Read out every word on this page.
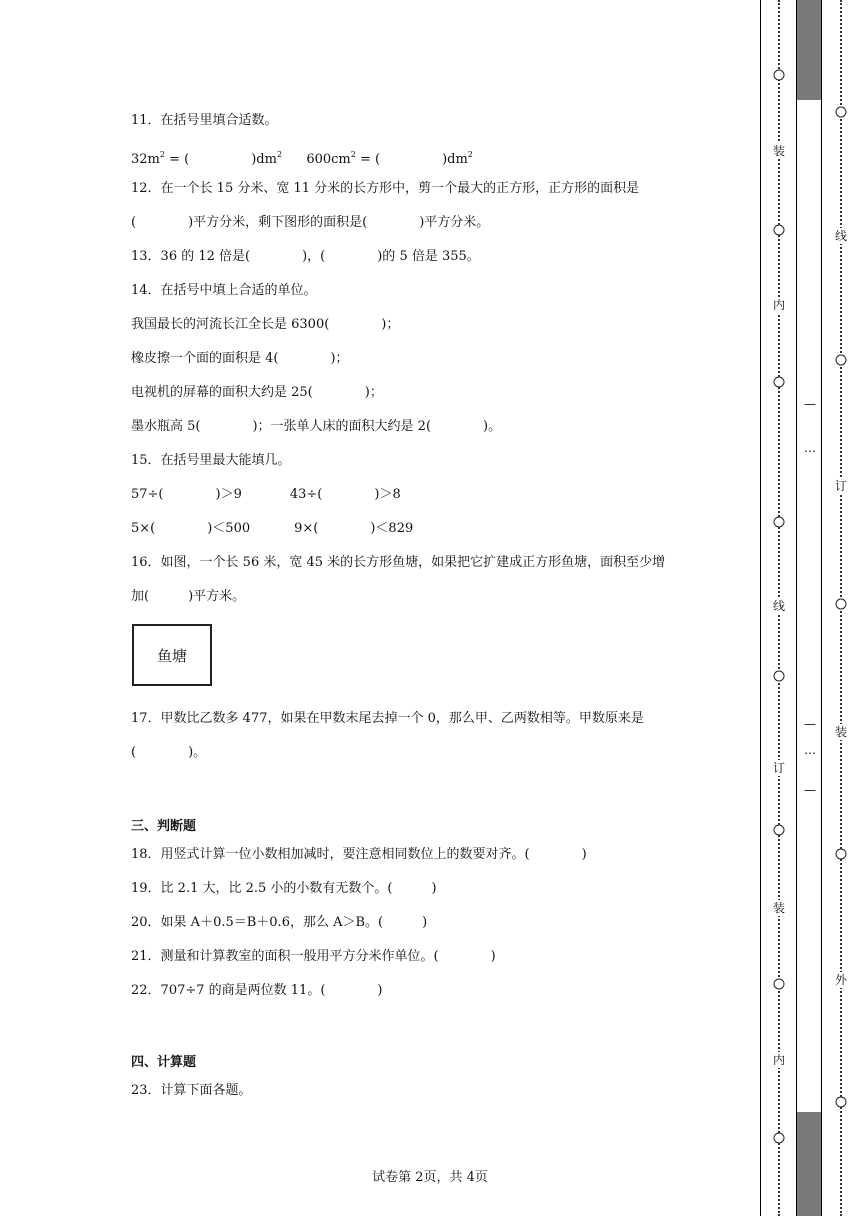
11．在括号里填合适数。
$32m^2$ = (	)$dm^2$ $600cm^2$ = (	)$dm^2$
12．在一个长 15 分米、宽 11 分米的长方形中，剪一个最大的正方形，正方形的面积是
(　　　　)平方分米，剩下图形的面积是(　　　　)平方分米。
13．36 的 12 倍是(　　　　)，(　　　　)的 5 倍是 355。
14．在括号中填上合适的单位。
我国最长的河流长江全长是 6300(　　　　)；
橡皮擦一个面的面积是 4(　　　　)；
电视机的屏幕的面积大约是 25(　　　　)；
墨水瓶高 5(　　　　)；一张单人床的面积大约是 2(　　　　)。
15．在括号里最大能填几。
57÷(　　　　)＞9	43÷(　　　　)＞8
5×(　　　　)＜500	9×(　　　　)＜829
16．如图，一个长 56 米，宽 45 米的长方形鱼塘，如果把它扩建成正方形鱼塘，面积至少增
加(　　　)平方米。
17．甲数比乙数多 477，如果在甲数末尾去掉一个 0，那么甲、乙两数相等。甲数原来是
(　　　　)。
三、判断题
18．用竖式计算一位小数相加减时，要注意相同数位上的数要对齐。(　　　　)
19．比 2.1 大，比 2.5 小的小数有无数个。(　　　)
20．如果 A＋0.5＝B＋0.6，那么 A＞B。(　　　)
21．测量和计算教室的面积一般用平方分米作单位。(　　　　)
22．707÷7 的商是两位数 11。(　　　　)
四、计算题
23．计算下面各题。
鱼塘
试卷第 2页，共 4页
装
内
订
线
装
内
—
…
—
…
—
线
订
装
外
